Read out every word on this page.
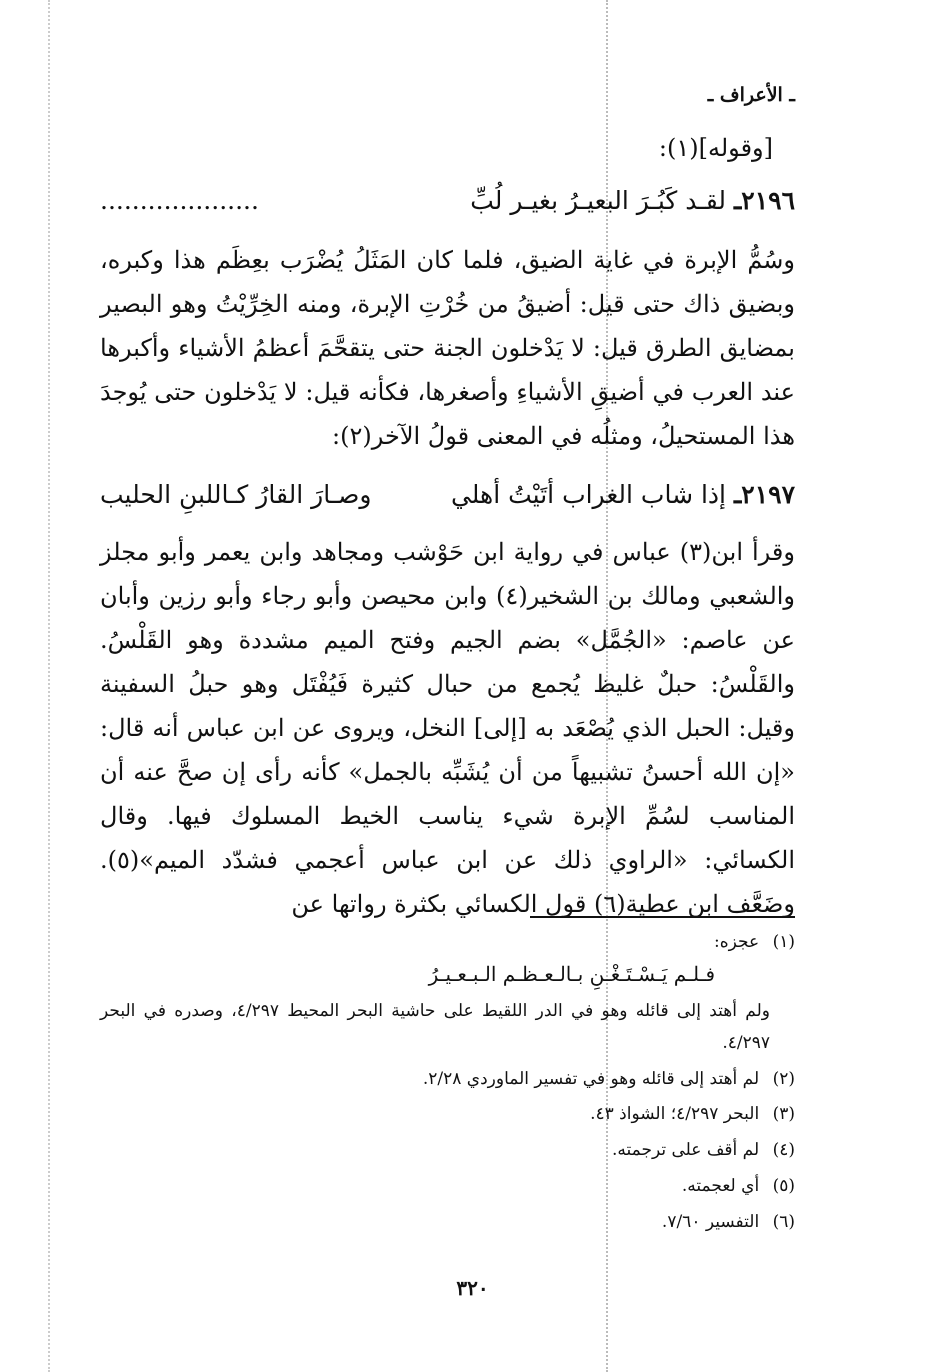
ـ الأعراف ـ
[وقوله](١):
٢١٩٦ـ لقـد كَبُـرَ البعيـرُ بغيـر لُبِّ
....................
وسُمُّ الإبرة في غاية الضيق، فلما كان المَثَلُ يُضْرَب بعِظَم هذا وكبره، وبضيق ذاك حتى قيل: أضيقُ من خُرْتِ الإبرة، ومنه الخِرِّيْتُ وهو البصير بمضايق الطرق قيل: لا يَدْخلون الجنة حتى يتقحَّمَ أعظمُ الأشياء وأكبرها عند العرب في أضيقِ الأشياءِ وأصغرها، فكأنه قيل: لا يَدْخلون حتى يُوجدَ هذا المستحيلُ، ومثلُه في المعنى قولُ الآخر(٢):
٢١٩٧ـ إذا شاب الغراب أتَيْتُ أهلي
وصـارَ القارُ كـاللبنِ الحليب
وقرأ ابن(٣) عباس في رواية ابن حَوْشب ومجاهد وابن يعمر وأبو مجلز والشعبي ومالك بن الشخير(٤) وابن محيصن وأبو رجاء وأبو رزين وأبان عن عاصم: «الجُمَّل» بضم الجيم وفتح الميم مشددة وهو القَلْسُ. والقَلْسُ: حبلٌ غليظ يُجمع من حبال كثيرة فَيُفْتَل وهو حبلُ السفينة وقيل: الحبل الذي يُصْعَد به [إلى] النخل، ويروى عن ابن عباس أنه قال: «إن الله أحسنُ تشبيهاً من أن يُشَبِّه بالجمل» كأنه رأى إن صحَّ عنه أن المناسب لسُمِّ الإبرة شيء يناسب الخيط المسلوك فيها. وقال الكسائي: «الراوي ذلك عن ابن عباس أعجمي فشدّد الميم»(٥). وضَعَّف ابن عطية(٦) قول الكسائي بكثرة رواتها عن
(١) عجزه:
(٢) لم أهتد إلى قائله وهو في تفسير الماوردي ٢/٢٨.
(٣) البحر ٤/٢٩٧؛ الشواذ ٤٣.
(٤) لم أقف على ترجمته.
(٥) أي لعجمته.
(٦) التفسير ٧/٦٠.
فـلـم يَـسْـتَـغْـنِ بـالـعـظـم الـبـعـيـرُ
ولم أهتد إلى قائله وهو في الدر اللقيط على حاشية البحر المحيط ٤/٢٩٧، وصدره في البحر ٤/٢٩٧.
٣٢٠
